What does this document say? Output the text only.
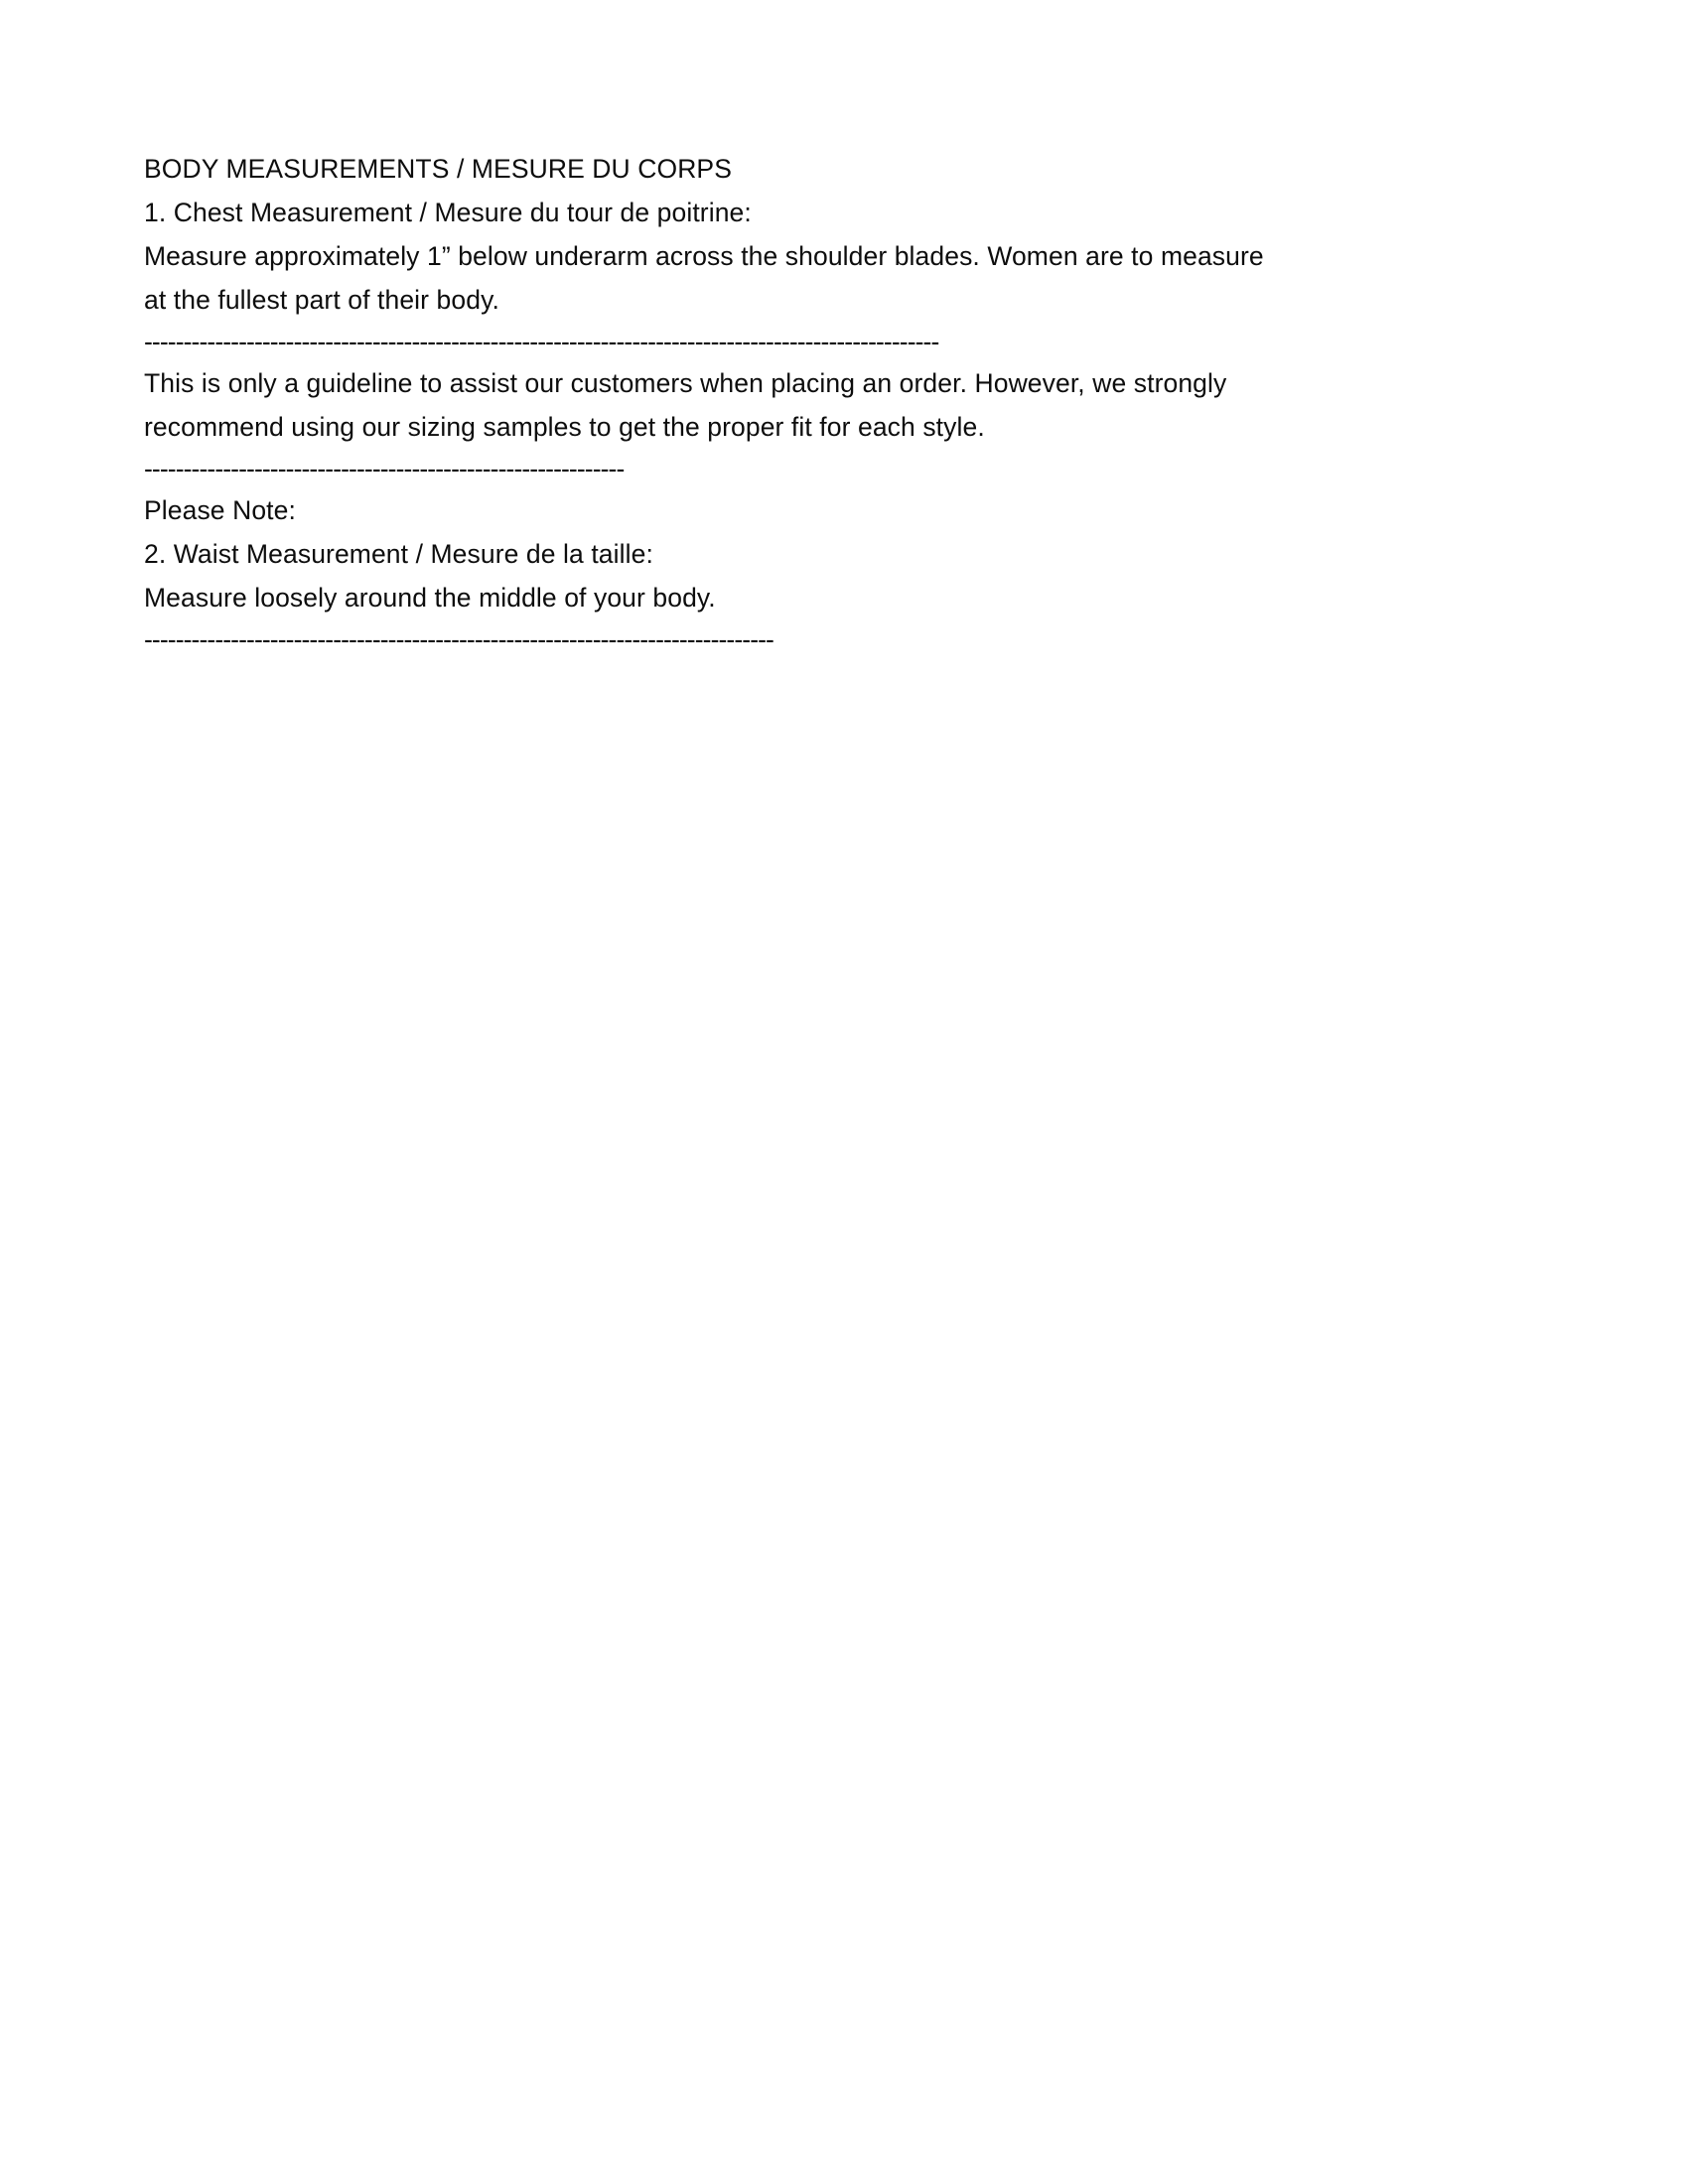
BODY MEASUREMENTS / MESURE DU CORPS
1. Chest Measurement / Mesure du tour de poitrine:
Measure approximately 1” below underarm across the shoulder blades. Women are to measure at the fullest part of their body.
-----------------------------------------------------------------------------------------------------
This is only a guideline to assist our customers when placing an order. However, we strongly recommend using our sizing samples to get the proper fit for each style.
-------------------------------------------------------------
Please Note:
2. Waist Measurement / Mesure de la taille:
Measure loosely around the middle of your body.
--------------------------------------------------------------------------------
